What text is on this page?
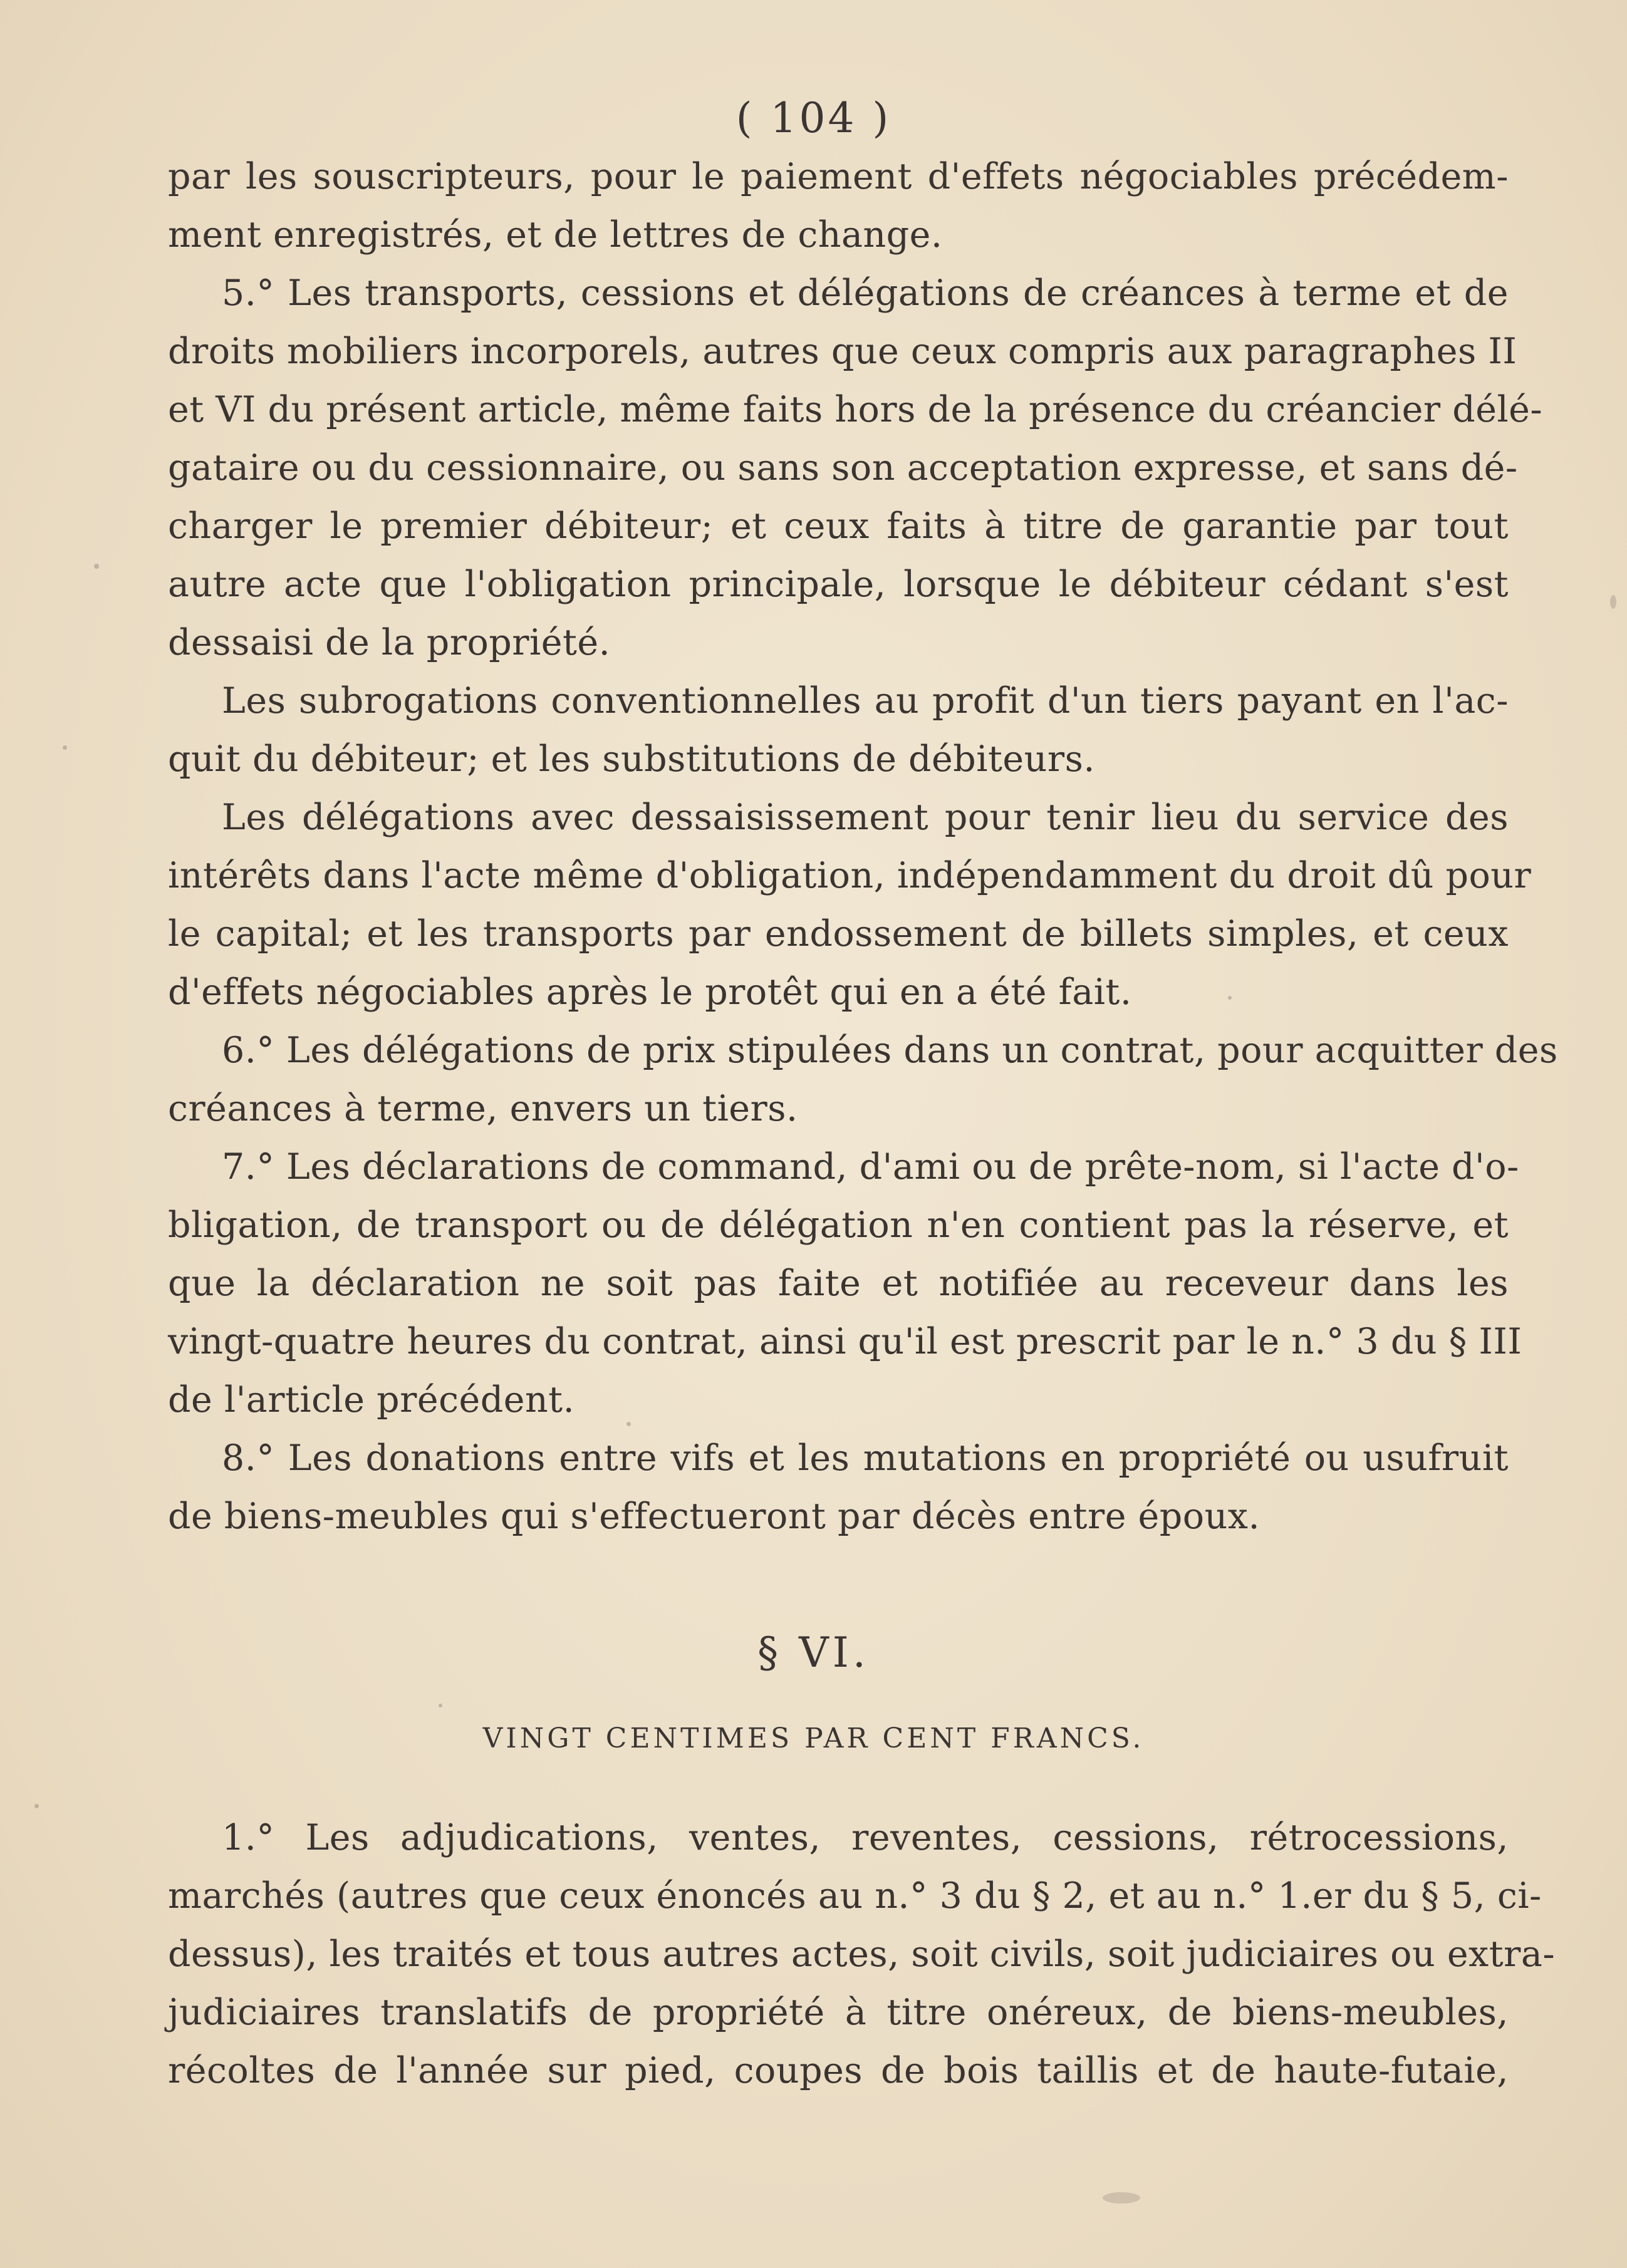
( 104 )
par les souscripteurs, pour le paiement d'effets négociables précédem-
ment enregistrés, et de lettres de change.
5.° Les transports, cessions et délégations de créances à terme et de
droits mobiliers incorporels, autres que ceux compris aux paragraphes II
et VI du présent article, même faits hors de la présence du créancier délé-
gataire ou du cessionnaire, ou sans son acceptation expresse, et sans dé-
charger le premier débiteur; et ceux faits à titre de garantie par tout
autre acte que l'obligation principale, lorsque le débiteur cédant s'est
dessaisi de la propriété.
Les subrogations conventionnelles au profit d'un tiers payant en l'ac-
quit du débiteur; et les substitutions de débiteurs.
Les délégations avec dessaisissement pour tenir lieu du service des
intérêts dans l'acte même d'obligation, indépendamment du droit dû pour
le capital; et les transports par endossement de billets simples, et ceux
d'effets négociables après le protêt qui en a été fait.
6.° Les délégations de prix stipulées dans un contrat, pour acquitter des
créances à terme, envers un tiers.
7.° Les déclarations de command, d'ami ou de prête-nom, si l'acte d'o-
bligation, de transport ou de délégation n'en contient pas la réserve, et
que la déclaration ne soit pas faite et notifiée au receveur dans les
vingt-quatre heures du contrat, ainsi qu'il est prescrit par le n.° 3 du § III
de l'article précédent.
8.° Les donations entre vifs et les mutations en propriété ou usufruit
de biens-meubles qui s'effectueront par décès entre époux.
§ VI.
VINGT CENTIMES PAR CENT FRANCS.
1.° Les adjudications, ventes, reventes, cessions, rétrocessions,
marchés (autres que ceux énoncés au n.° 3 du § 2, et au n.° 1.er du § 5, ci-
dessus), les traités et tous autres actes, soit civils, soit judiciaires ou extra-
judiciaires translatifs de propriété à titre onéreux, de biens-meubles,
récoltes de l'année sur pied, coupes de bois taillis et de haute-futaie,
